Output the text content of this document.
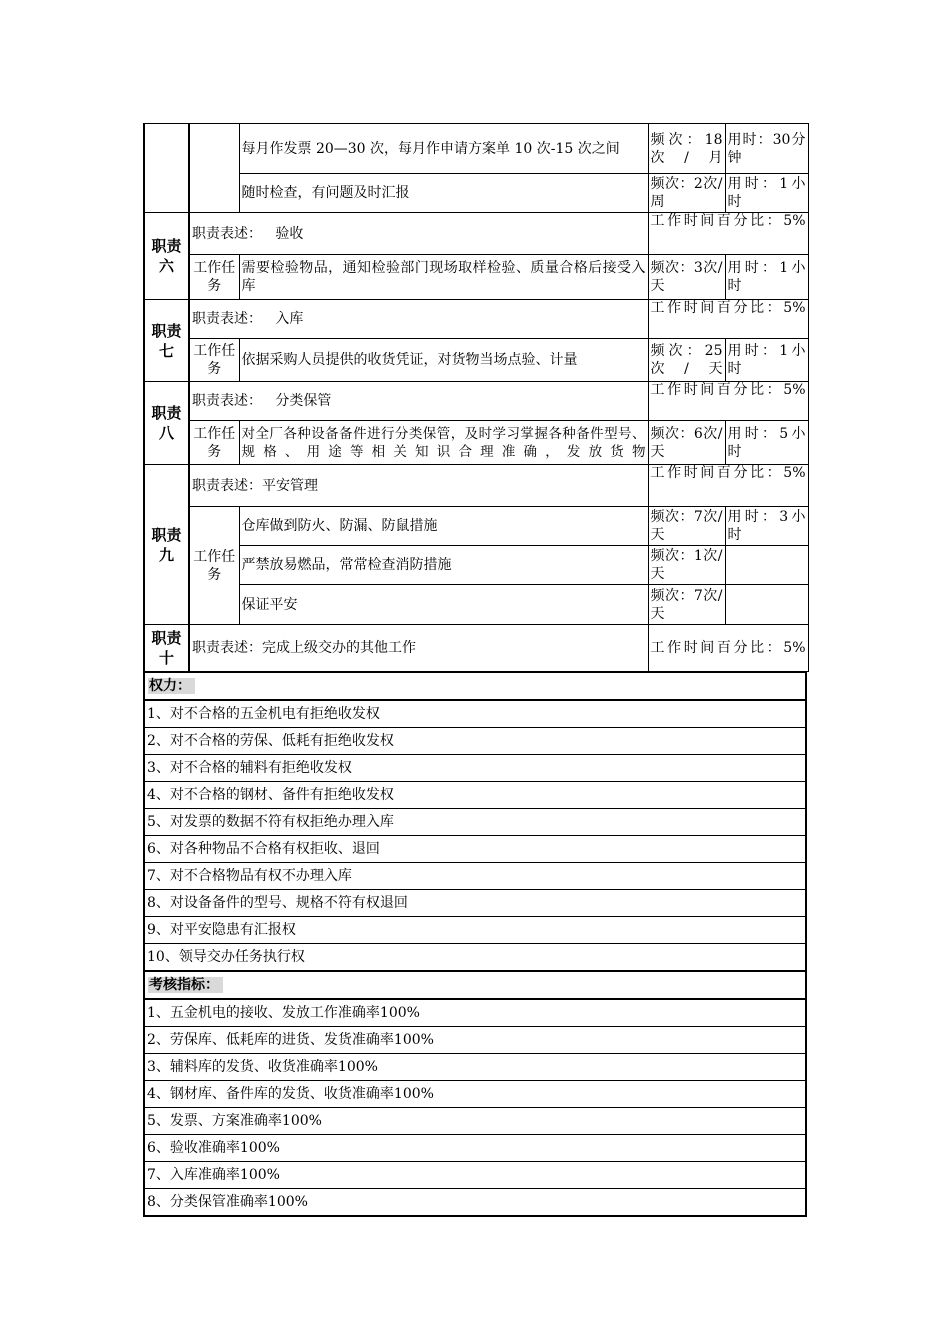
		每月作发票 20—30 次，每月作申请方案单 10 次-15 次之间	频次：18次/月	用时：30分钟
		随时检查，有问题及时汇报	频次：2次/周	用时：1小时
职责六	职责表述： 验收		工作时间百分比：5%	
	工作任务	需要检验物品，通知检验部门现场取样检验、质量合格后接受入库	频次：3次/天	用时：1小时
职责七	职责表述： 入库		工作时间百分比：5%	
	工作任务	依据采购人员提供的收货凭证，对货物当场点验、计量	频次：25次/天	用时：1小时
职责八	职责表述： 分类保管		工作时间百分比：5%	
	工作任务	对全厂各种设备备件进行分类保管，及时学习掌握各种备件型号、规格、用途等相关知识合理准确，发放货物	频次：6次/天	用时：5小时
职责九	职责表述：平安管理		工作时间百分比：5%	
	工作任务	仓库做到防火、防漏、防鼠措施	频次：7次/天	用时：3小时
		严禁放易燃品，常常检查消防措施	频次：1次/天	
		保证平安	频次：7次/天	
职责十	职责表述：完成上级交办的其他工作		工作时间百分比：5%	
权力：
1、对不合格的五金机电有拒绝收发权
2、对不合格的劳保、低耗有拒绝收发权
3、对不合格的辅料有拒绝收发权
4、对不合格的钢材、备件有拒绝收发权
5、对发票的数据不符有权拒绝办理入库
6、对各种物品不合格有权拒收、退回
7、对不合格物品有权不办理入库
8、对设备备件的型号、规格不符有权退回
9、对平安隐患有汇报权
10、领导交办任务执行权
考核指标：
1、五金机电的接收、发放工作准确率100%
2、劳保库、低耗库的进货、发货准确率100%
3、辅料库的发货、收货准确率100%
4、钢材库、备件库的发货、收货准确率100%
5、发票、方案准确率100%
6、验收准确率100%
7、入库准确率100%
8、分类保管准确率100%
